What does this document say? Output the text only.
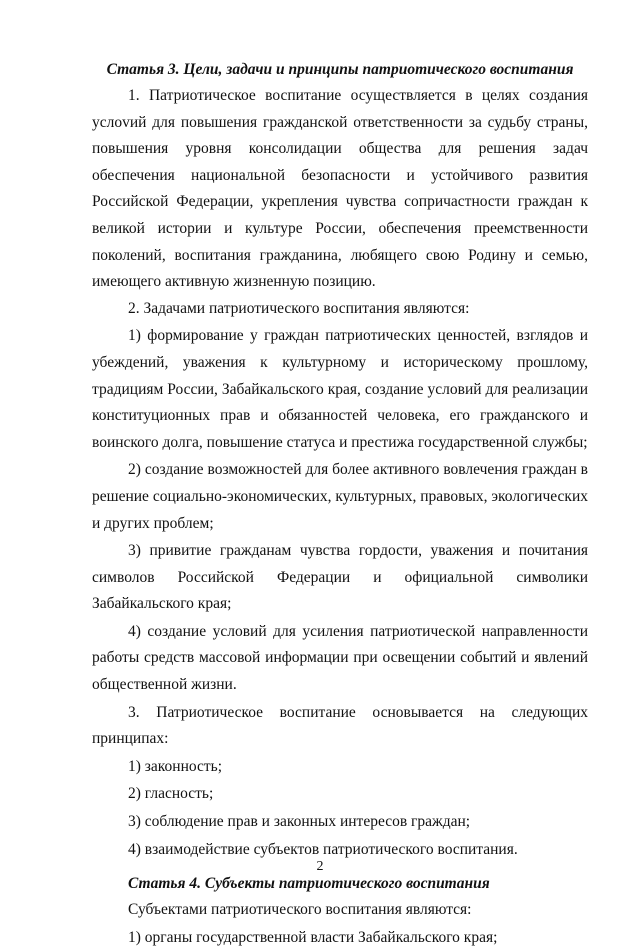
Статья 3. Цели, задачи и принципы патриотического воспитания

1. Патриотическое воспитание осуществляется в целях создания услоvий для повышения гражданской ответственности за судьбу страны, повышения уровня консолидации общества для решения задач обеспечения национальной безопасности и устойчивого развития Российской Федерации, укрепления чувства сопричастности граждан к великой истории и культуре России, обеспечения преемственности поколений, воспитания гражданина, любящего свою Родину и семью, имеющего активную жизненную позицию.

2. Задачами патриотического воспитания являются:

1) формирование у граждан патриотических ценностей, взглядов и убеждений, уважения к культурному и историческому прошлому, традициям России, Забайкальского края, создание условий для реализации конституционных прав и обязанностей человека, его гражданского и воинского долга, повышение статуса и престижа государственной службы;

2) создание возможностей для более активного вовлечения граждан в решение социально-экономических, культурных, правовых, экологических и других проблем;

3) привитие гражданам чувства гордости, уважения и почитания символов Российской Федерации и официальной символики Забайкальского края;

4) создание условий для усиления патриотической направленности работы средств массовой информации при освещении событий и явлений общественной жизни.

3. Патриотическое воспитание основывается на следующих принципах:

1) законность;

2) гласность;

3) соблюдение прав и законных интересов граждан;

4) взаимодействие субъектов патриотического воспитания.

Статья 4. Субъекты патриотического воспитания

Субъектами патриотического воспитания являются:

1) органы государственной власти Забайкальского края;

2
